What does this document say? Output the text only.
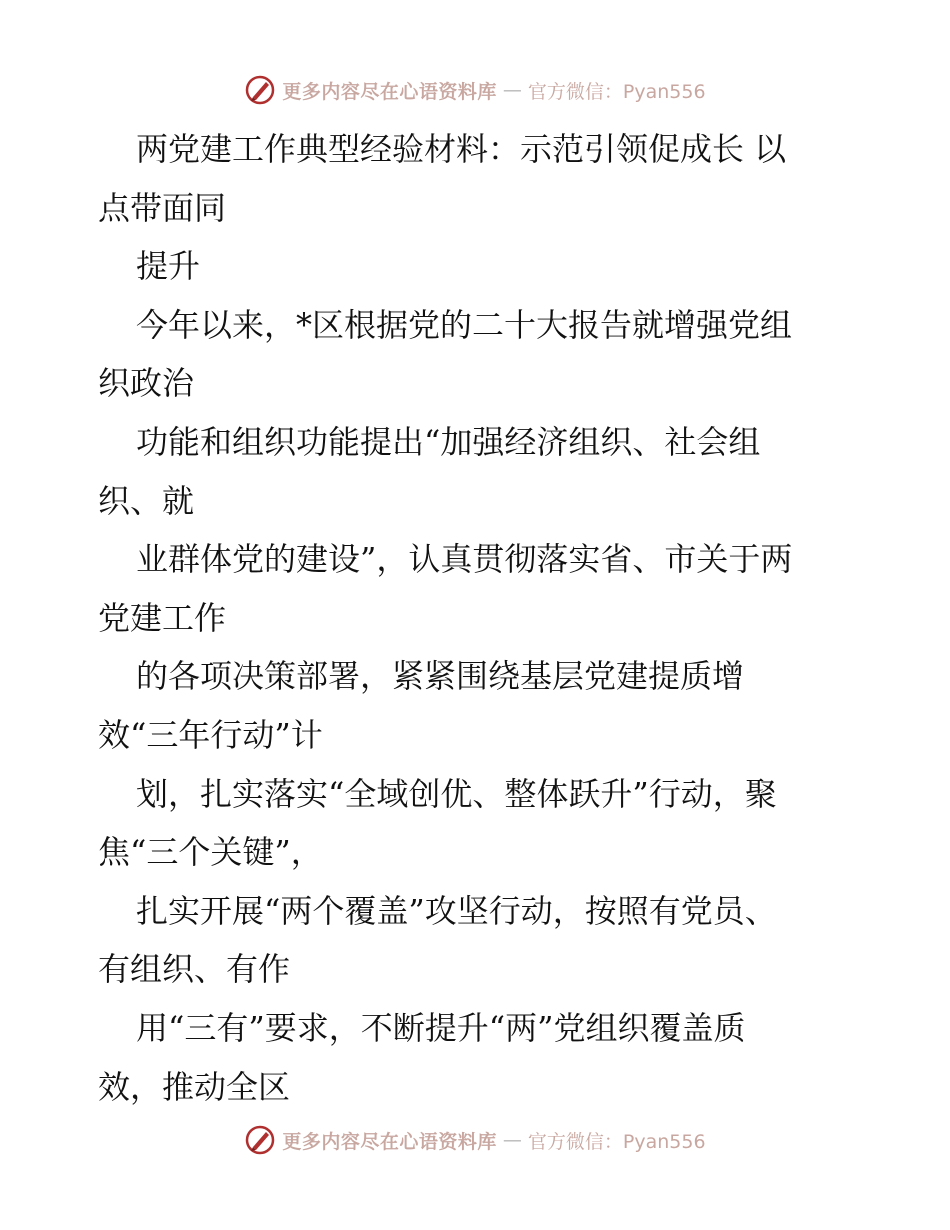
更多内容尽在心语资料库 — 官方微信：Pyan556

两党建工作典型经验材料：示范引领促成长 以
点带面同

提升

今年以来，*区根据党的二十大报告就增强党组
织政治

功能和组织功能提出“加强经济组织、社会组
织、就

业群体党的建设”，认真贯彻落实省、市关于两
党建工作

的各项决策部署，紧紧围绕基层党建提质增
效“三年行动”计

划，扎实落实“全域创优、整体跃升”行动，聚
焦“三个关键”，

扎实开展“两个覆盖”攻坚行动，按照有党员、
有组织、有作

用“三有”要求，不断提升“两”党组织覆盖质
效，推动全区

更多内容尽在心语资料库 — 官方微信：Pyan556
